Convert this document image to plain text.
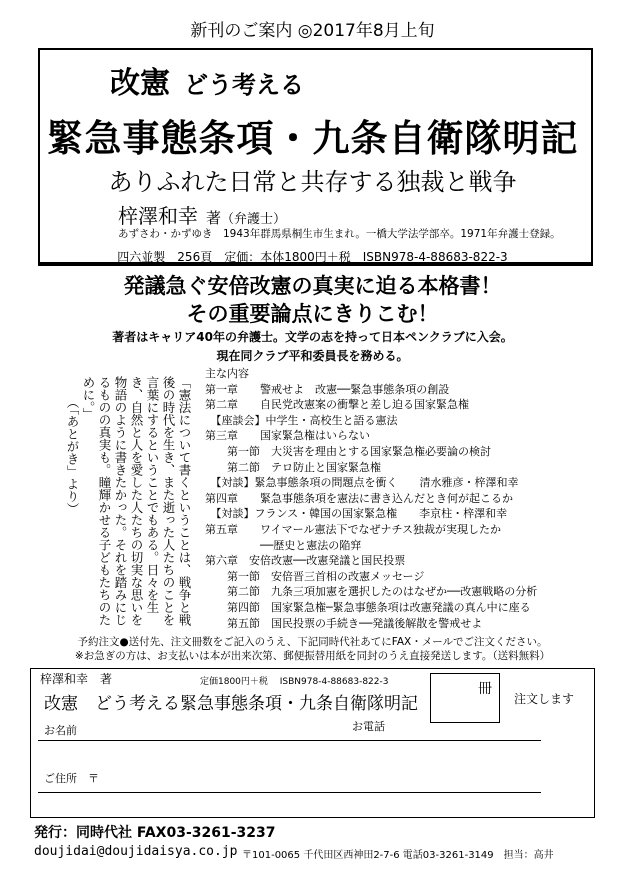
新刊のご案内 ◎2017年8月上旬
改憲 どう考える
緊急事態条項・九条自衛隊明記
ありふれた日常と共存する独裁と戦争
梓澤和幸 著（弁護士）
あずさわ・かずゆき　1943年群馬県桐生市生まれ。一橋大学法学部卒。1971年弁護士登録。
四六並製　256頁　定価：本体1800円＋税　ISBN978-4-88683-822-3
発議急ぐ安倍改憲の真実に迫る本格書！
その重要論点にきりこむ！
著者はキャリア40年の弁護士。文学の志を持って日本ペンクラブに入会。
現在同クラブ平和委員長を務める。
「憲法について書くということは、戦争と戦後の時代を生き、また逝った人たちのことを言葉にするということでもある。日々を生き、自然と人を愛した人たちの切実な思いを物語のように書きたかった。それを踏みにじるものの真実も。瞳輝かせる子どもたちのために。」
（「あとがき」より）
主な内容
第一章　　警戒せよ　改憲──緊急事態条項の創設
第二章　　自民党改憲案の衝撃と差し迫る国家緊急権
　【座談会】中学生・高校生と語る憲法
第三章　　国家緊急権はいらない
　　第一節　大災害を理由とする国家緊急権必要論の検討
　　第二節　テロ防止と国家緊急権
　【対談】緊急事態条項の問題点を衝く　　清水雅彦・梓澤和幸
第四章　　緊急事態条項を憲法に書き込んだとき何が起こるか
　【対談】フランス・韓国の国家緊急権　　李京柱・梓澤和幸
第五章　　ワイマール憲法下でなぜナチス独裁が実現したか
　　　　　──歴史と憲法の陥穽
第六章　安倍改憲──改憲発議と国民投票
　　第一節　安倍晋三首相の改憲メッセージ
　　第二節　九条三項加憲を選択したのはなぜか──改憲戦略の分析
　　第四節　国家緊急権─緊急事態条項は改憲発議の真ん中に座る
　　第五節　国民投票の手続き──発議後解散を警戒せよ
予約注文●送付先、注文冊数をご記入のうえ、下記同時代社あてにFAX・メールでご注文ください。
※お急ぎの方は、お支払いは本が出来次第、郵便振替用紙を同封のうえ直接発送します。（送料無料）
梓澤和幸　著	定価1800円＋税　 ISBN978-4-88683-822-3
改憲　どう考える緊急事態条項・九条自衛隊明記
冊
注文します
お名前	お電話
ご住所　〒
発行：同時代社 FAX03-3261-3237
doujidai@doujidaisya.co.jp 〒101-0065 千代田区西神田2-7-6 電話03-3261-3149　担当：高井
